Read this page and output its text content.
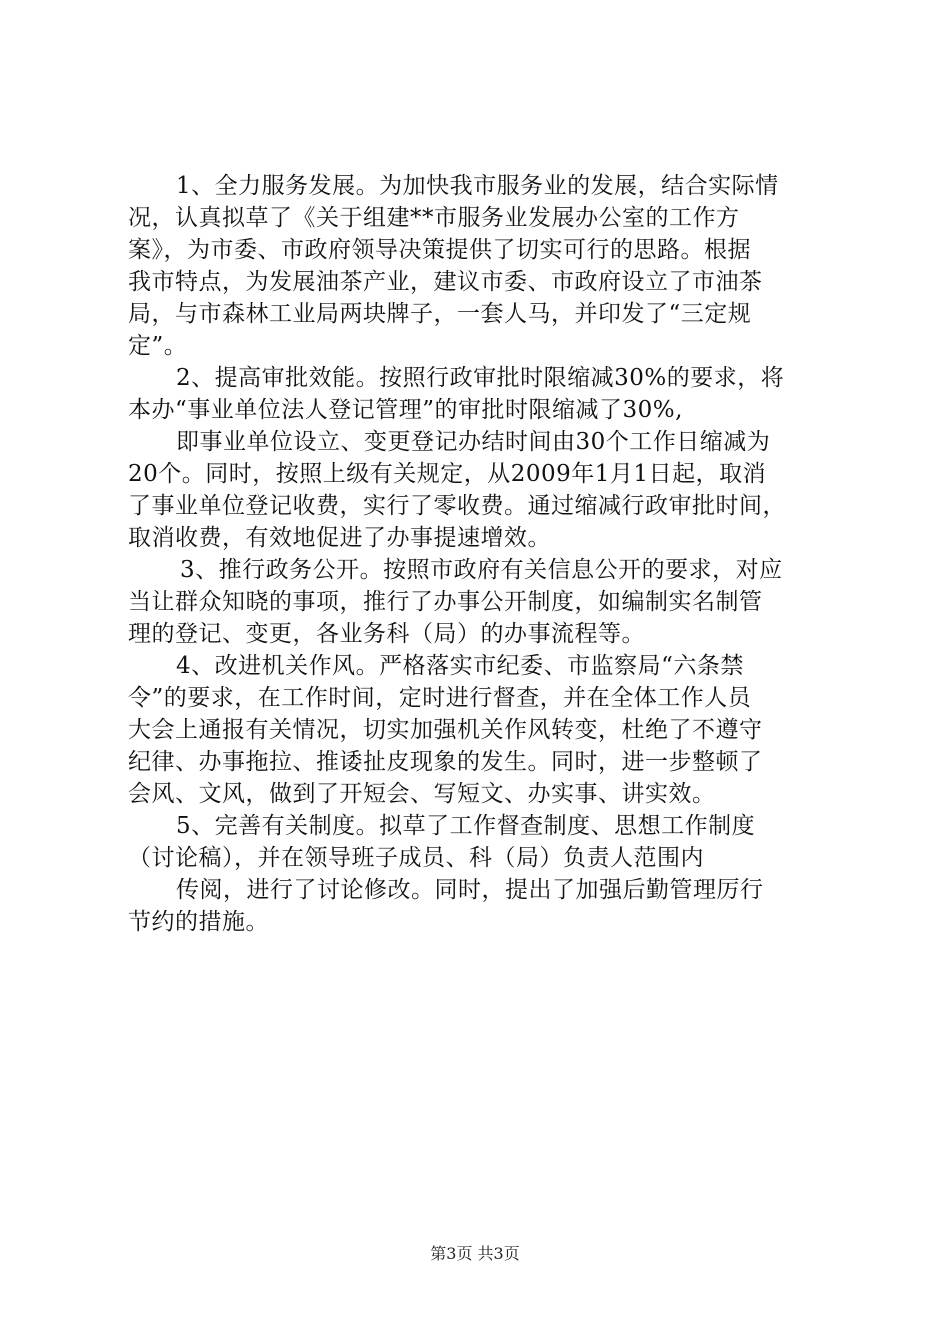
1、全力服务发展。为加快我市服务业的发展，结合实际情
况，认真拟草了《关于组建**市服务业发展办公室的工作方
案》，为市委、市政府领导决策提供了切实可行的思路。根据
我市特点，为发展油茶产业，建议市委、市政府设立了市油茶
局，与市森林工业局两块牌子，一套人马，并印发了“三定规
定”。

2、提高审批效能。按照行政审批时限缩减30%的要求，将
本办“事业单位法人登记管理”的审批时限缩减了30%,

即事业单位设立、变更登记办结时间由30个工作日缩减为
20个。同时，按照上级有关规定，从2009年1月1日起，取消
了事业单位登记收费，实行了零收费。通过缩减行政审批时间，
取消收费，有效地促进了办事提速增效。

3、推行政务公开。按照市政府有关信息公开的要求，对应
当让群众知晓的事项，推行了办事公开制度，如编制实名制管
理的登记、变更，各业务科（局）的办事流程等。

4、改进机关作风。严格落实市纪委、市监察局“六条禁
令”的要求，在工作时间，定时进行督查，并在全体工作人员
大会上通报有关情况，切实加强机关作风转变，杜绝了不遵守
纪律、办事拖拉、推诿扯皮现象的发生。同时，进一步整顿了
会风、文风，做到了开短会、写短文、办实事、讲实效。

5、完善有关制度。拟草了工作督查制度、思想工作制度
（讨论稿），并在领导班子成员、科（局）负责人范围内

传阅，进行了讨论修改。同时，提出了加强后勤管理厉行
节约的措施。

第3页 共3页
